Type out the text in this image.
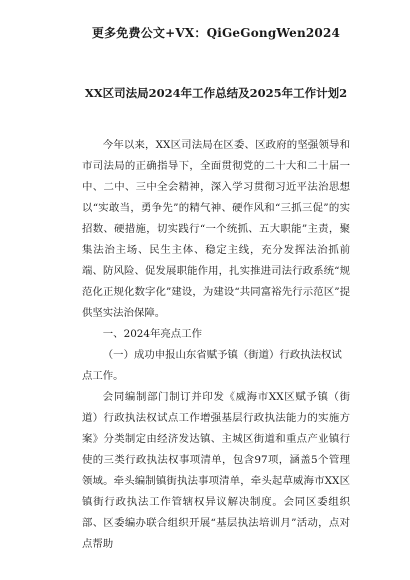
更多免费公文+VX：QiGeGongWen2024
XX区司法局2024年工作总结及2025年工作计划2

今年以来，XX区司法局在区委、区政府的坚强领导和市司法局的正确指导下，全面贯彻党的二十大和二十届一中、二中、三中全会精神，深入学习贯彻习近平法治思想以“实敢当，勇争先”的精气神、硬作风和“三抓三促”的实招数、硬措施，切实践行“一个统抓、五大职能”主责，聚集法治主场、民生主体、稳定主线，充分发挥法治抓前端、防风险、促发展职能作用，扎实推进司法行政系统“规范化正规化数字化”建设，为建设“共同富裕先行示范区”提供坚实法治保障。

一、2024年亮点工作

（一）成功申报山东省赋予镇（街道）行政执法权试点工作。

会同编制部门制订并印发《威海市XX区赋予镇（街道）行政执法权试点工作增强基层行政执法能力的实施方案》分类制定由经济发达镇、主城区街道和重点产业镇行使的三类行政执法权事项清单，包含97项，涵盖5个管理领域。牵头编制镇街执法事项清单，牵头起草威海市XX区镇街行政执法工作管辖权异议解决制度。会同区委组织部、区委编办联合组织开展“基层执法培训月”活动，点对点帮助
